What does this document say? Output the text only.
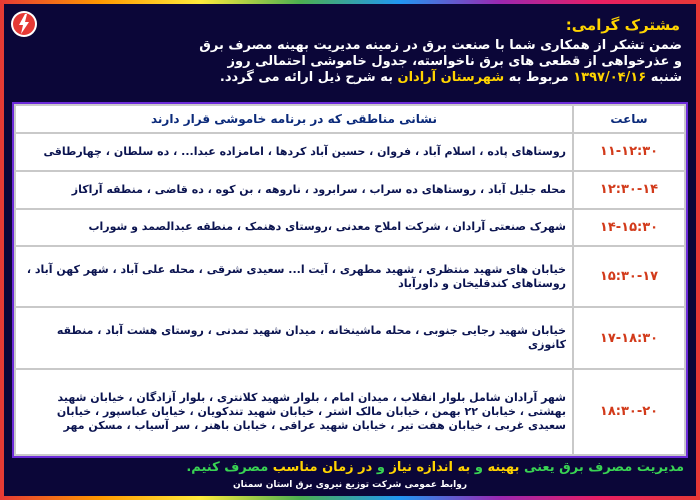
مشترک گرامی:
ضمن تشکر از همکاری شما با صنعت برق در زمینه مدیریت بهینه مصرف برق
و عذرخواهی از قطعی های برق ناخواسته، جدول خاموشی احتمالی روز
شنبه ۱۳۹۷/۰۴/۱۶ مربوط به شهرستان آرادان به شرح ذیل ارائه می گردد.
ساعت	نشانی مناطقی که در برنامه خاموشی قرار دارند
۱۱-۱۲:۳۰	روستاهای پاده ، اسلام آباد ، فروان ، حسین آباد کردها ، امامزاده عبدا... ، ده سلطان ، چهارطاقی
۱۲:۳۰-۱۴	محله جلیل آباد ، روستاهای ده سراب ، سرابرود ، ناروهه ، بن کوه ، ده قاضی ، منطقه آراکاز
۱۴-۱۵:۳۰	شهرک صنعتی آرادان ، شرکت املاح معدنی ،روستای دهنمک ، منطقه عبدالصمد و شوراب
۱۵:۳۰-۱۷	خیابان های شهید منتظری ، شهید مطهری ، آیت ا... سعیدی شرقی ، محله علی آباد ، شهر کهن آباد ، روستاهای کندقلیخان و داورآباد
۱۷-۱۸:۳۰	خیابان شهید رجایی جنوبی ، محله ماشینخانه ، میدان شهید تمدنی ، روستای هشت آباد ، منطقه کانوزی
۱۸:۳۰-۲۰	شهر آرادان شامل بلوار انقلاب ، میدان امام ، بلوار شهید کلانتری ، بلوار آزادگان ، خیابان شهید بهشتی ، خیابان ۲۲ بهمن ، خیابان مالک اشتر ، خیابان شهید تندکویان ، خیابان عباسپور ، خیابان سعیدی غربی ، خیابان هفت تیر ، خیابان شهید عراقی ، خیابان باهنر ، سر آسیاب ، مسکن مهر
مدیریت مصرف برق یعنی بهینه و به اندازه نیاز و در زمان مناسب مصرف کنیم.
روابط عمومی شرکت توزیع نیروی برق استان سمنان
